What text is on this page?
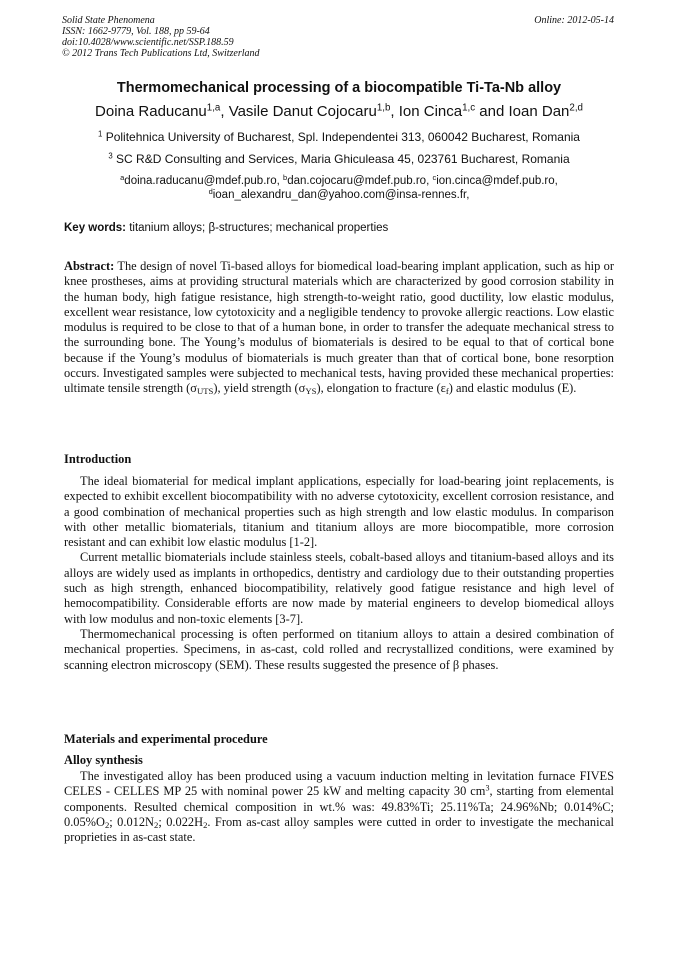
Solid State Phenomena
ISSN: 1662-9779, Vol. 188, pp 59-64
doi:10.4028/www.scientific.net/SSP.188.59
© 2012 Trans Tech Publications Ltd, Switzerland
Online: 2012-05-14
Thermomechanical processing of a biocompatible Ti-Ta-Nb alloy
Doina Raducanu$^{1,a}$, Vasile Danut Cojocaru$^{1,b}$, Ion Cinca$^{1,c}$ and Ioan Dan$^{2,d}$
$^1$ Politehnica University of Bucharest, Spl. Independentei 313, 060042 Bucharest, Romania
$^3$ SC R&D Consulting and Services, Maria Ghiculeasa 45, 023761 Bucharest, Romania
$^a$doina.raducanu@mdef.pub.ro, $^b$dan.cojocaru@mdef.pub.ro, $^c$ion.cinca@mdef.pub.ro,
$^d$ioan_alexandru_dan@yahoo.com@insa-rennes.fr,
Key words: titanium alloys; β-structures; mechanical properties

Abstract: The design of novel Ti-based alloys for biomedical load-bearing implant application, such as hip or knee prostheses, aims at providing structural materials which are characterized by good corrosion stability in the human body, high fatigue resistance, high strength-to-weight ratio, good ductility, low elastic modulus, excellent wear resistance, low cytotoxicity and a negligible tendency to provoke allergic reactions. Low elastic modulus is required to be close to that of a human bone, in order to transfer the adequate mechanical stress to the surrounding bone. The Young’s modulus of biomaterials is desired to be equal to that of cortical bone because if the Young’s modulus of biomaterials is much greater than that of cortical bone, bone resorption occurs. Investigated samples were subjected to mechanical tests, having provided these mechanical properties: ultimate tensile strength $(\sigma_{UTS})$, yield strength $(\sigma_{YS})$, elongation to fracture $(\varepsilon_f)$ and elastic modulus (E).

Introduction

The ideal biomaterial for medical implant applications, especially for load-bearing joint replacements, is expected to exhibit excellent biocompatibility with no adverse cytotoxicity, excellent corrosion resistance, and a good combination of mechanical properties such as high strength and low elastic modulus. In comparison with other metallic biomaterials, titanium and titanium alloys are more biocompatible, more corrosion resistant and can exhibit low elastic modulus [1-2].

Current metallic biomaterials include stainless steels, cobalt-based alloys and titanium-based alloys and its alloys are widely used as implants in orthopedics, dentistry and cardiology due to their outstanding properties such as high strength, enhanced biocompatibility, relatively good fatigue resistance and high level of hemocompatibility. Considerable efforts are now made by material engineers to develop biomedical alloys with low modulus and non-toxic elements [3-7].

Thermomechanical processing is often performed on titanium alloys to attain a desired combination of mechanical properties. Specimens, in as-cast, cold rolled and recrystallized conditions, were examined by scanning electron microscopy (SEM). These results suggested the presence of β phases.

Materials and experimental procedure
Alloy synthesis

The investigated alloy has been produced using a vacuum induction melting in levitation furnace FIVES CELES - CELLES MP 25 with nominal power 25 kW and melting capacity 30 $cm^3$, starting from elemental components. Resulted chemical composition in wt.% was: 49.83%Ti; 25.11%Ta; 24.96%Nb; 0.014%C; $0.05\%O_2$; $0.012N_2$; $0.022H_2$. From as-cast alloy samples were cutted in order to investigate the mechanical proprieties in as-cast state.
